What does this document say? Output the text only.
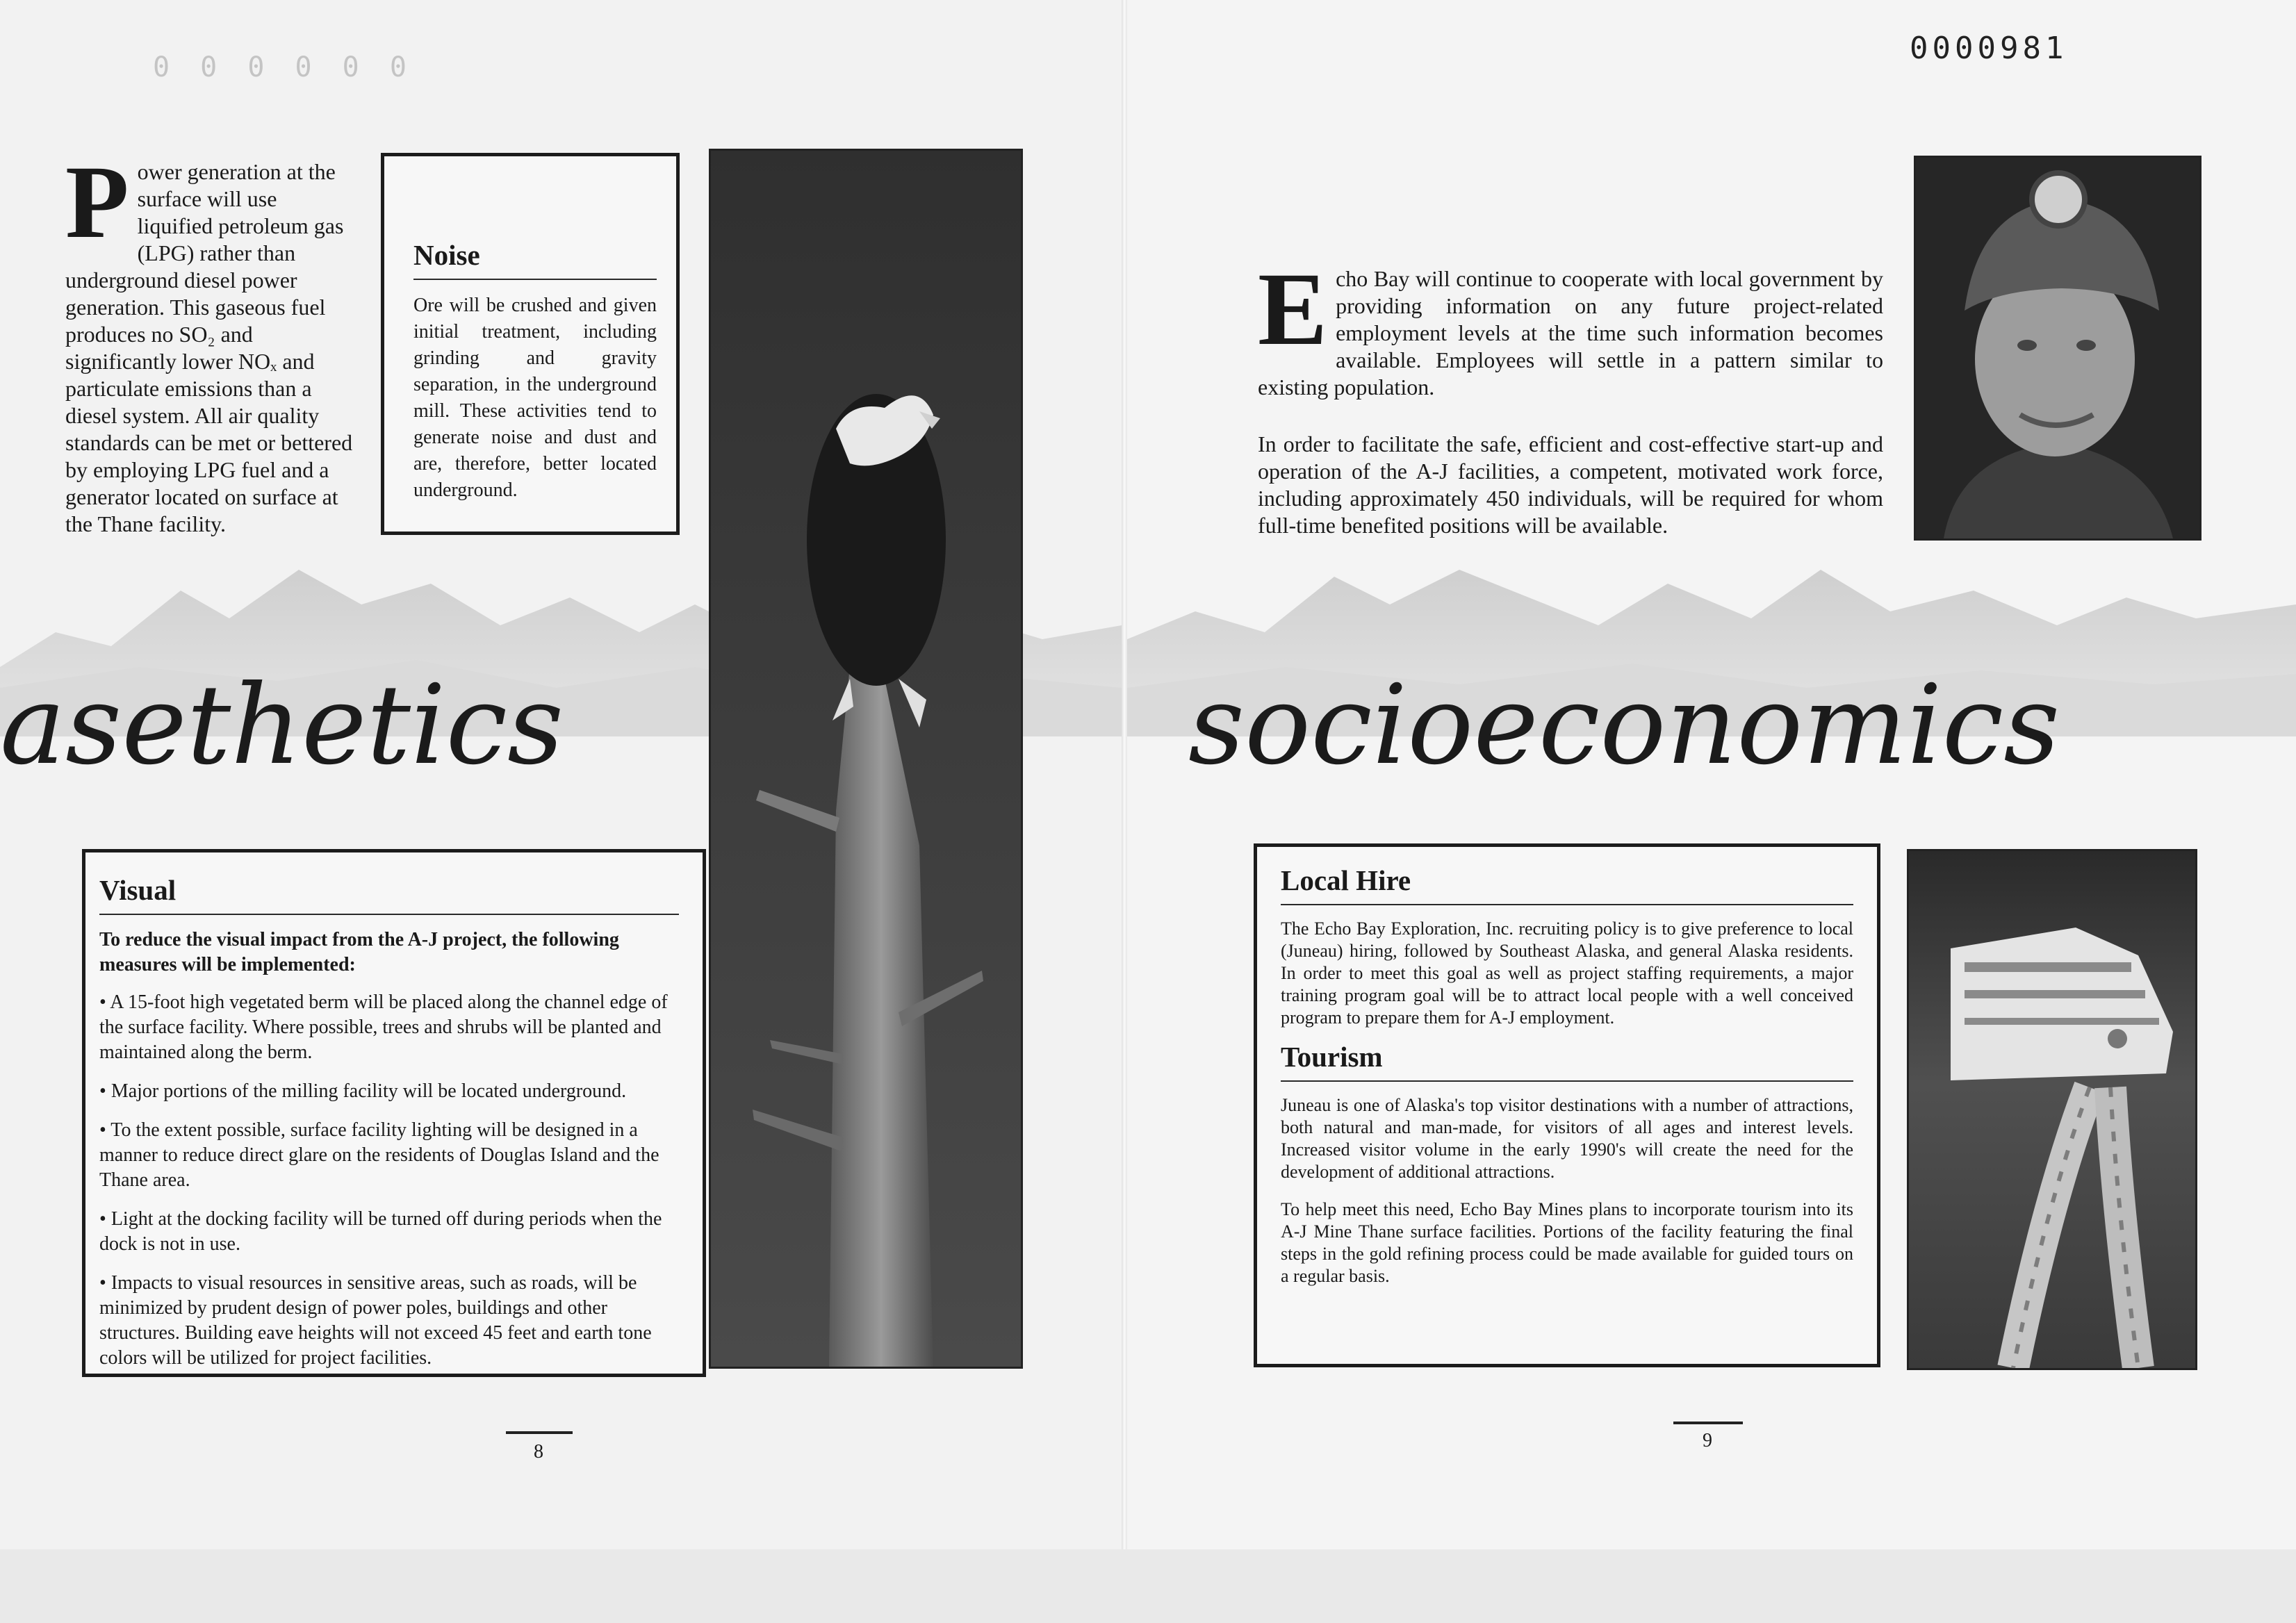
0 0 0 0 0 0
0000981
Power generation at the surface will use liquified petroleum gas (LPG) rather than underground diesel power generation. This gaseous fuel produces no SO₂ and significantly lower NOₓ and particulate emissions than a diesel system. All air quality standards can be met or bettered by employing LPG fuel and a generator located on surface at the Thane facility.
Noise

Ore will be crushed and given initial treatment, including grinding and gravity separation, in the underground mill. These activities tend to generate noise and dust and are, therefore, better located underground.

asethetics
Visual

To reduce the visual impact from the A-J project, the following measures will be implemented:

• A 15-foot high vegetated berm will be placed along the channel edge of the surface facility. Where possible, trees and shrubs will be planted and maintained along the berm.

• Major portions of the milling facility will be located underground.

• To the extent possible, surface facility lighting will be designed in a manner to reduce direct glare on the residents of Douglas Island and the Thane area.

• Light at the docking facility will be turned off during periods when the dock is not in use.

• Impacts to visual resources in sensitive areas, such as roads, will be minimized by prudent design of power poles, buildings and other structures. Building eave heights will not exceed 45 feet and earth tone colors will be utilized for project facilities.

8
Echo Bay will continue to cooperate with local government by providing information on any future project-related employment levels at the time such information becomes available. Employees will settle in a pattern similar to existing population.

In order to facilitate the safe, efficient and cost-effective start-up and operation of the A-J facilities, a competent, motivated work force, including approximately 450 individuals, will be required for whom full-time benefited positions will be available.

socioeconomics
Local Hire

The Echo Bay Exploration, Inc. recruiting policy is to give preference to local (Juneau) hiring, followed by Southeast Alaska, and general Alaska residents. In order to meet this goal as well as project staffing requirements, a major training program goal will be to attract local people with a well conceived program to prepare them for A-J employment.

Tourism

Juneau is one of Alaska's top visitor destinations with a number of attractions, both natural and man-made, for visitors of all ages and interest levels. Increased visitor volume in the early 1990's will create the need for the development of additional attractions.

To help meet this need, Echo Bay Mines plans to incorporate tourism into its A-J Mine Thane surface facilities. Portions of the facility featuring the final steps in the gold refining process could be made available for guided tours on a regular basis.

9
